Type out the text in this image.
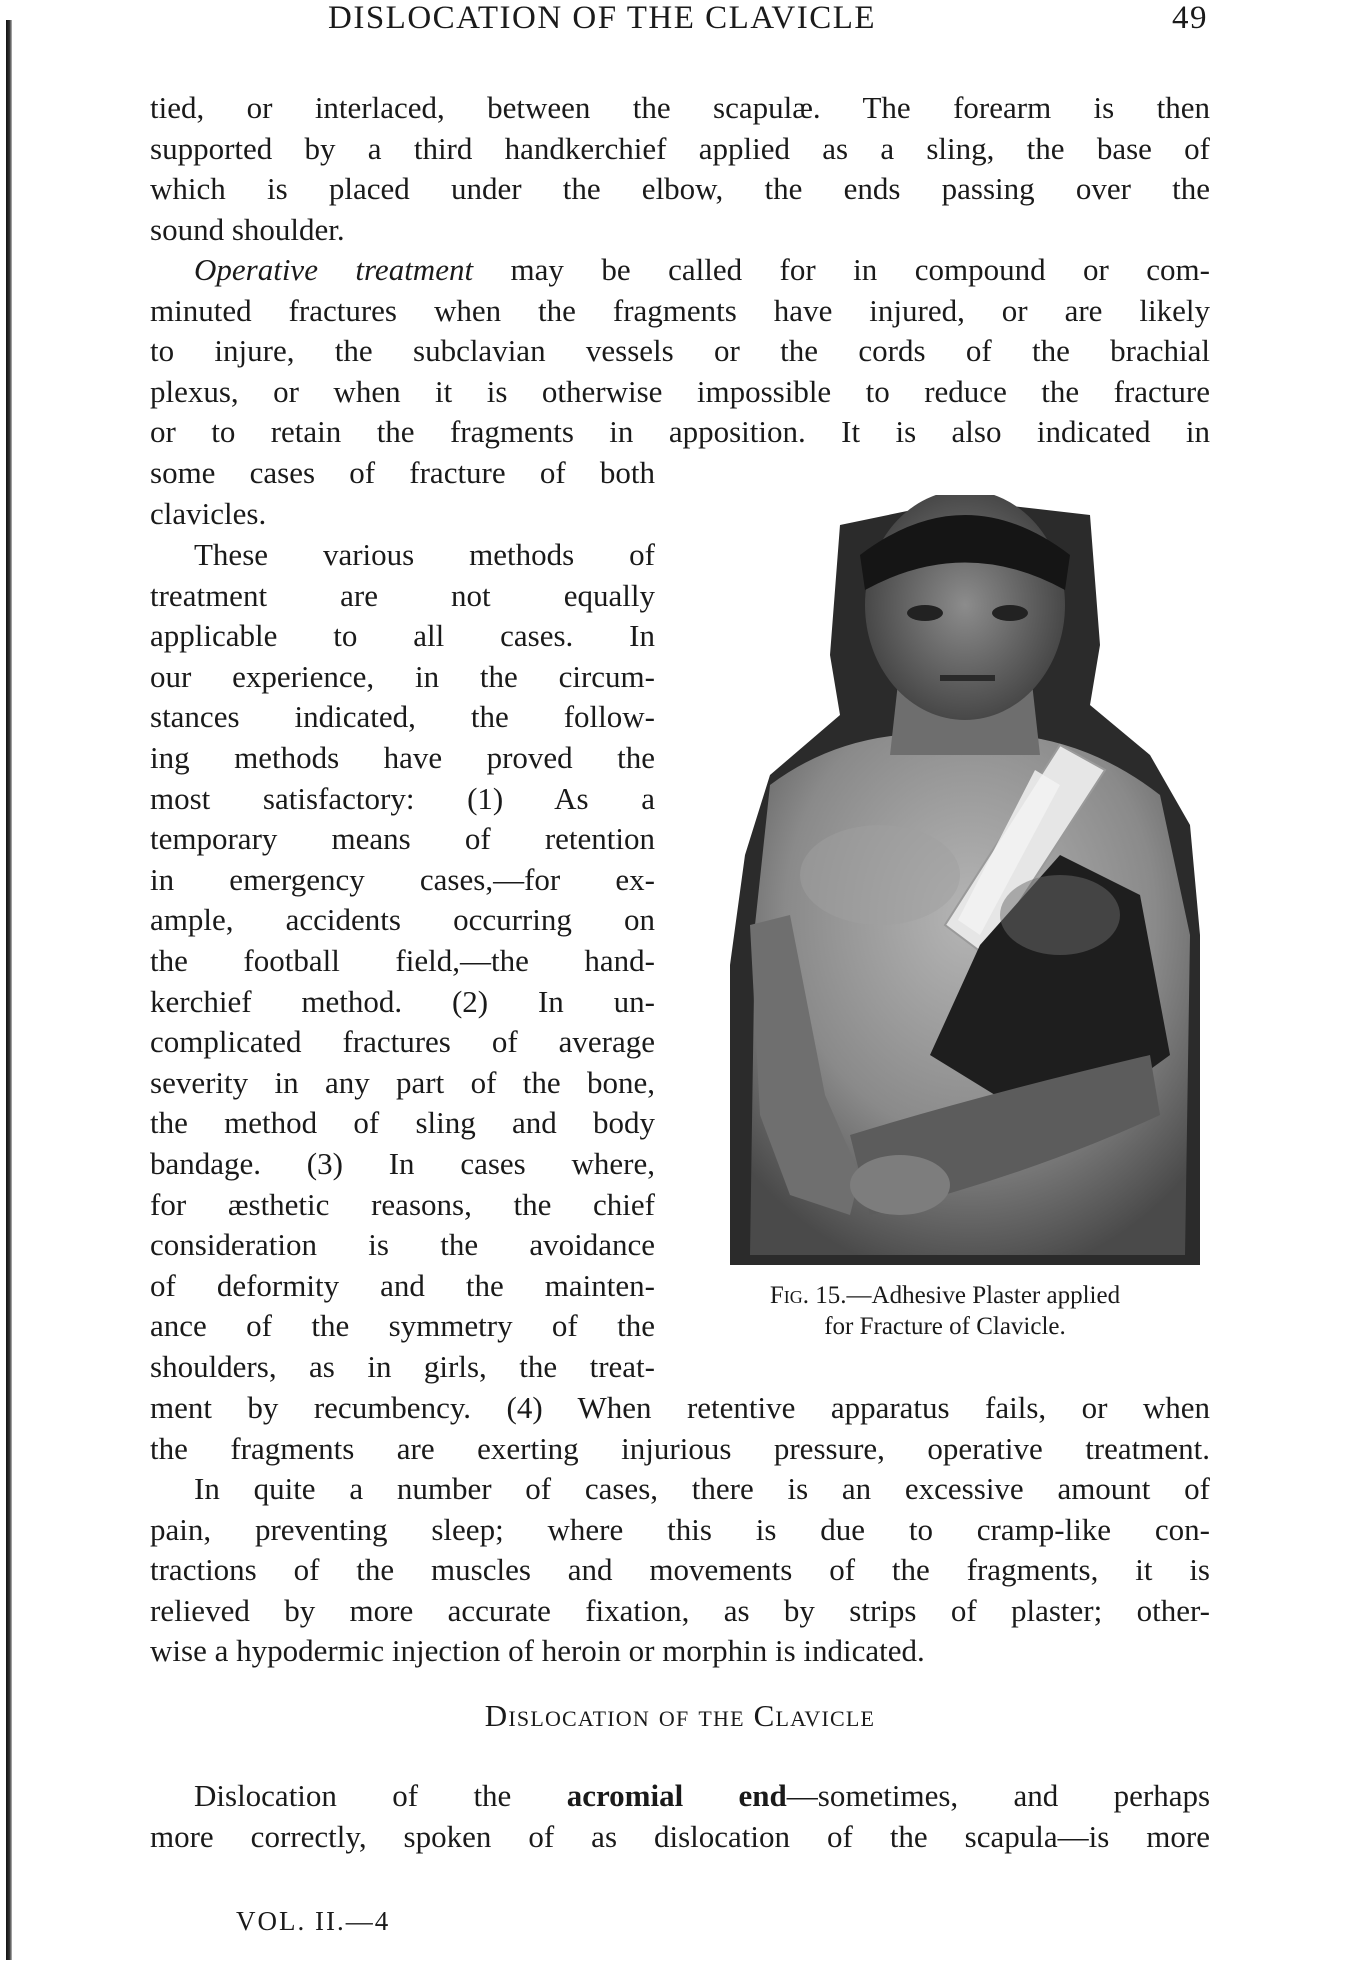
DISLOCATION OF THE CLAVICLE	49
tied, or interlaced, between the scapulæ. The forearm is then
supported by a third handkerchief applied as a sling, the base of
which is placed under the elbow, the ends passing over the
sound shoulder.
Operative treatment may be called for in compound or com-
minuted fractures when the fragments have injured, or are likely
to injure, the subclavian vessels or the cords of the brachial
plexus, or when it is otherwise impossible to reduce the fracture
or to retain the fragments in apposition. It is also indicated in
some cases of fracture of both
clavicles.
These various methods of
treatment are not equally
applicable to all cases. In
our experience, in the circum-
stances indicated, the follow-
ing methods have proved the
most satisfactory: (1) As a
temporary means of retention
in emergency cases,—for ex-
ample, accidents occurring on
the football field,—the hand-
kerchief method. (2) In un-
complicated fractures of average
severity in any part of the bone,
the method of sling and body
bandage. (3) In cases where,
for æsthetic reasons, the chief
consideration is the avoidance
of deformity and the mainten-
ance of the symmetry of the
shoulders, as in girls, the treat-
ment by recumbency. (4) When retentive apparatus fails, or when
the fragments are exerting injurious pressure, operative treatment.
In quite a number of cases, there is an excessive amount of
pain, preventing sleep; where this is due to cramp-like con-
tractions of the muscles and movements of the fragments, it is
relieved by more accurate fixation, as by strips of plaster; other-
wise a hypodermic injection of heroin or morphin is indicated.
Fig. 15.—Adhesive Plaster applied
for Fracture of Clavicle.
Dislocation of the Clavicle
Dislocation of the acromial end—sometimes, and perhaps
more correctly, spoken of as dislocation of the scapula—is more
VOL. II.—4
